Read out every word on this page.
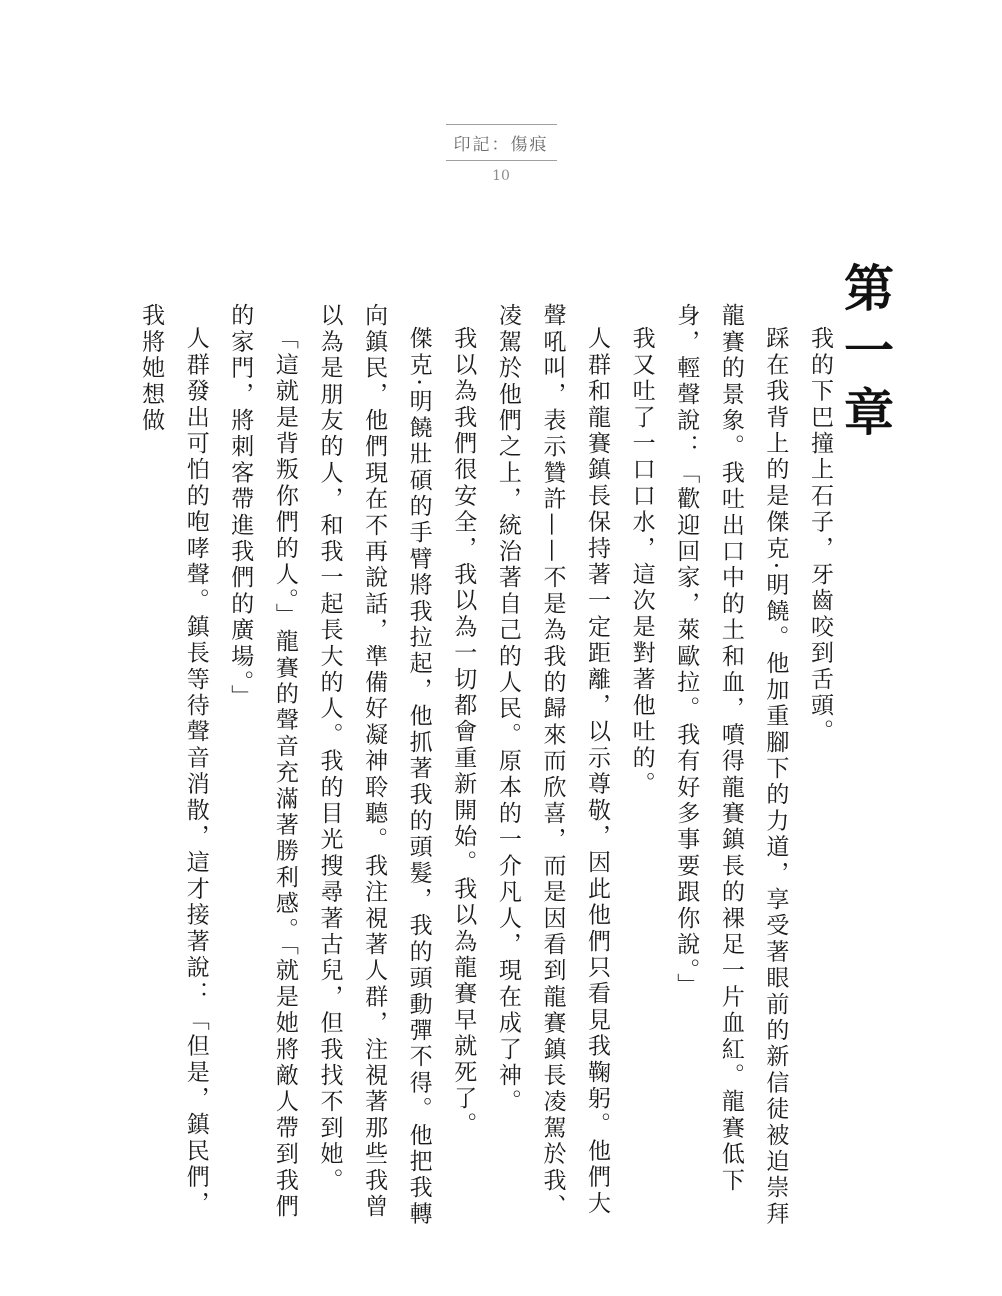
印記：傷痕
10
第一章

我的下巴撞上石子，牙齒咬到舌頭。

踩在我背上的是傑克·明饒。他加重腳下的力道，享受著眼前的新信徒被迫崇拜龍賽的景象。我吐出口中的土和血，噴得龍賽鎮長的裸足一片血紅。龍賽低下身，輕聲說：「歡迎回家，萊歐拉。我有好多事要跟你說。」

我又吐了一口口水，這次是對著他吐的。

人群和龍賽鎮長保持著一定距離，以示尊敬，因此他們只看見我鞠躬。他們大聲吼叫，表示贊許——不是為我的歸來而欣喜，而是因看到龍賽鎮長凌駕於我、凌駕於他們之上，統治著自己的人民。原本的一介凡人，現在成了神。

我以為我們很安全，我以為一切都會重新開始。我以為龍賽早就死了。

傑克·明饒壯碩的手臂將我拉起，他抓著我的頭髮，我的頭動彈不得。他把我轉向鎮民，他們現在不再說話，準備好凝神聆聽。我注視著人群，注視著那些我曾以為是朋友的人，和我一起長大的人。我的目光搜尋著古兒，但我找不到她。

「這就是背叛你們的人。」龍賽的聲音充滿著勝利感。「就是她將敵人帶到我們的家門，將刺客帶進我們的廣場。」

人群發出可怕的咆哮聲。鎮長等待聲音消散，這才接著說：「但是，鎮民們，我將她想做
